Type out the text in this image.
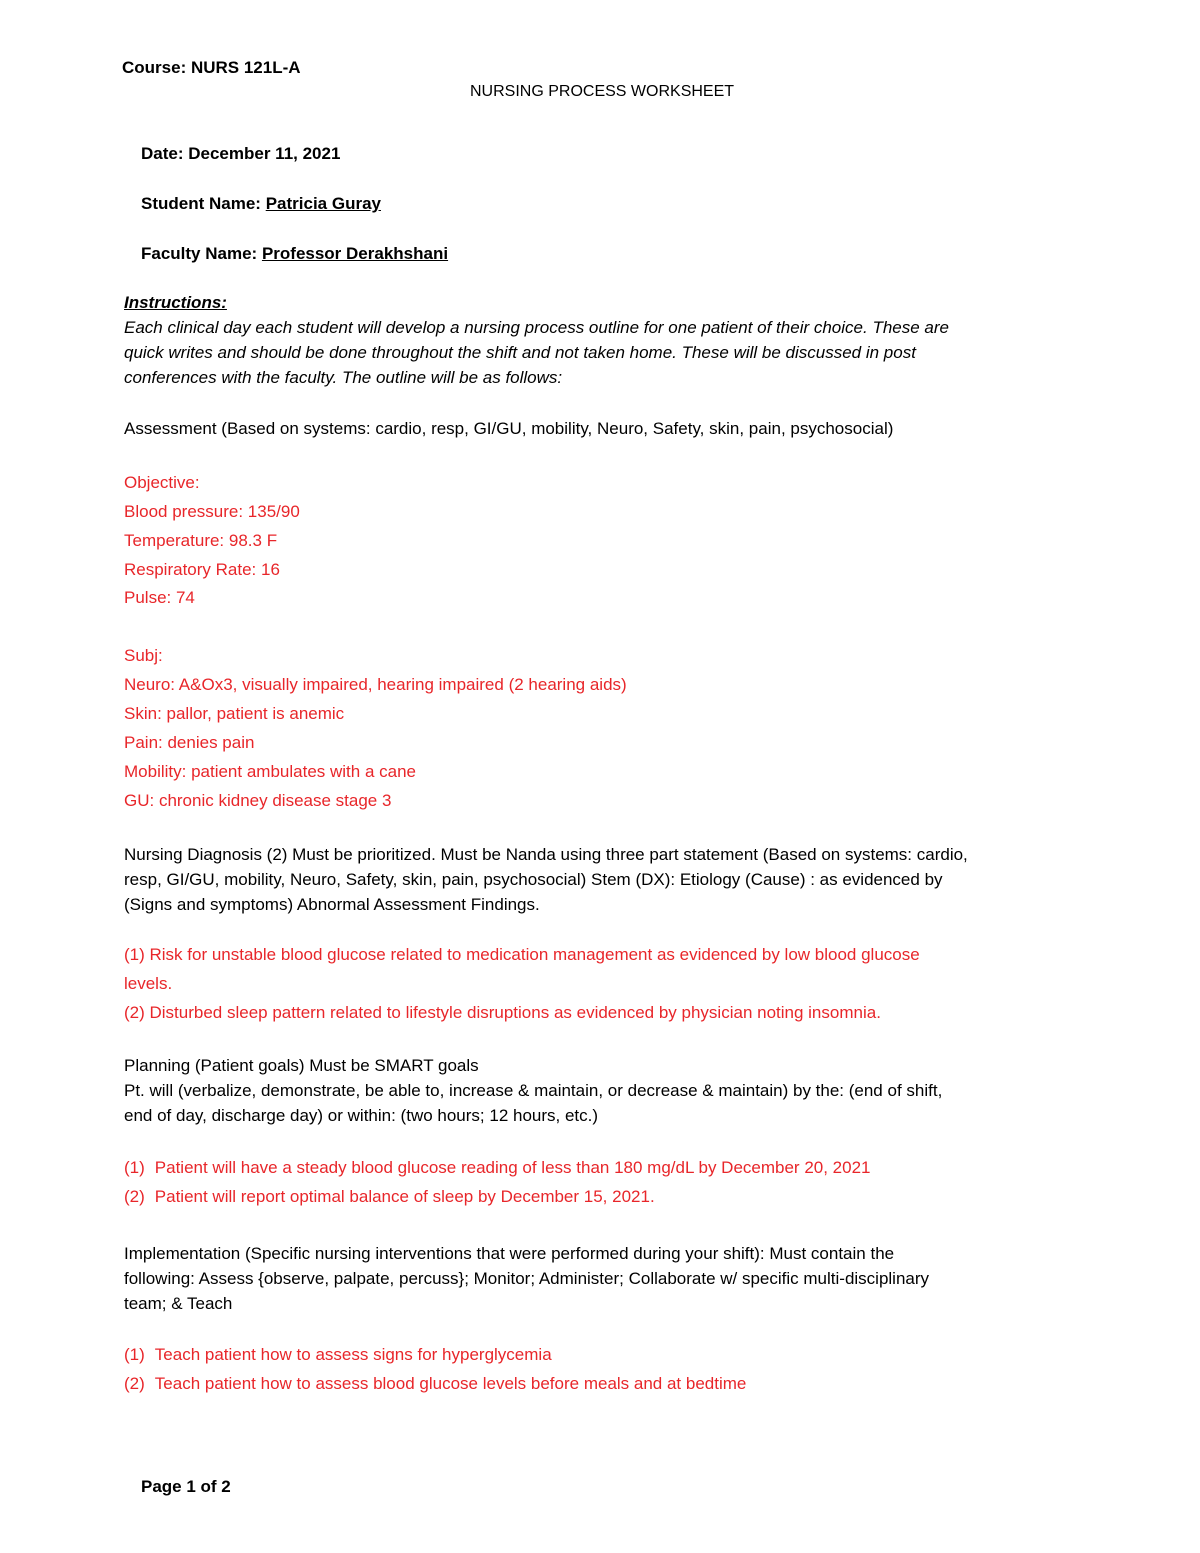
Course: NURS 121L-A
NURSING PROCESS WORKSHEET
Date: December 11, 2021
Student Name: Patricia Guray
Faculty Name: Professor Derakhshani
Instructions:
Each clinical day each student will develop a nursing process outline for one patient of their choice. These are
quick writes and should be done throughout the shift and not taken home. These will be discussed in post
conferences with the faculty. The outline will be as follows:
Assessment (Based on systems: cardio, resp, GI/GU, mobility, Neuro, Safety, skin, pain, psychosocial)
Objective:
Blood pressure: 135/90
Temperature: 98.3 F
Respiratory Rate: 16
Pulse: 74
Subj:
Neuro: A&Ox3, visually impaired, hearing impaired (2 hearing aids)
Skin: pallor, patient is anemic
Pain: denies pain
Mobility: patient ambulates with a cane
GU: chronic kidney disease stage 3
Nursing Diagnosis (2) Must be prioritized. Must be Nanda using three part statement (Based on systems: cardio,
resp, GI/GU, mobility, Neuro, Safety, skin, pain, psychosocial) Stem (DX): Etiology (Cause) : as evidenced by
(Signs and symptoms) Abnormal Assessment Findings.
(1) Risk for unstable blood glucose related to medication management as evidenced by low blood glucose
levels.
(2) Disturbed sleep pattern related to lifestyle disruptions as evidenced by physician noting insomnia.
Planning (Patient goals) Must be SMART goals
Pt. will (verbalize, demonstrate, be able to, increase & maintain, or decrease & maintain) by the: (end of shift,
end of day, discharge day) or within: (two hours; 12 hours, etc.)
(1) Patient will have a steady blood glucose reading of less than 180 mg/dL by December 20, 2021
(2) Patient will report optimal balance of sleep by December 15, 2021.
Implementation (Specific nursing interventions that were performed during your shift): Must contain the
following: Assess {observe, palpate, percuss}; Monitor; Administer; Collaborate w/ specific multi-disciplinary
team; & Teach
(1) Teach patient how to assess signs for hyperglycemia
(2) Teach patient how to assess blood glucose levels before meals and at bedtime
Page 1 of 2
